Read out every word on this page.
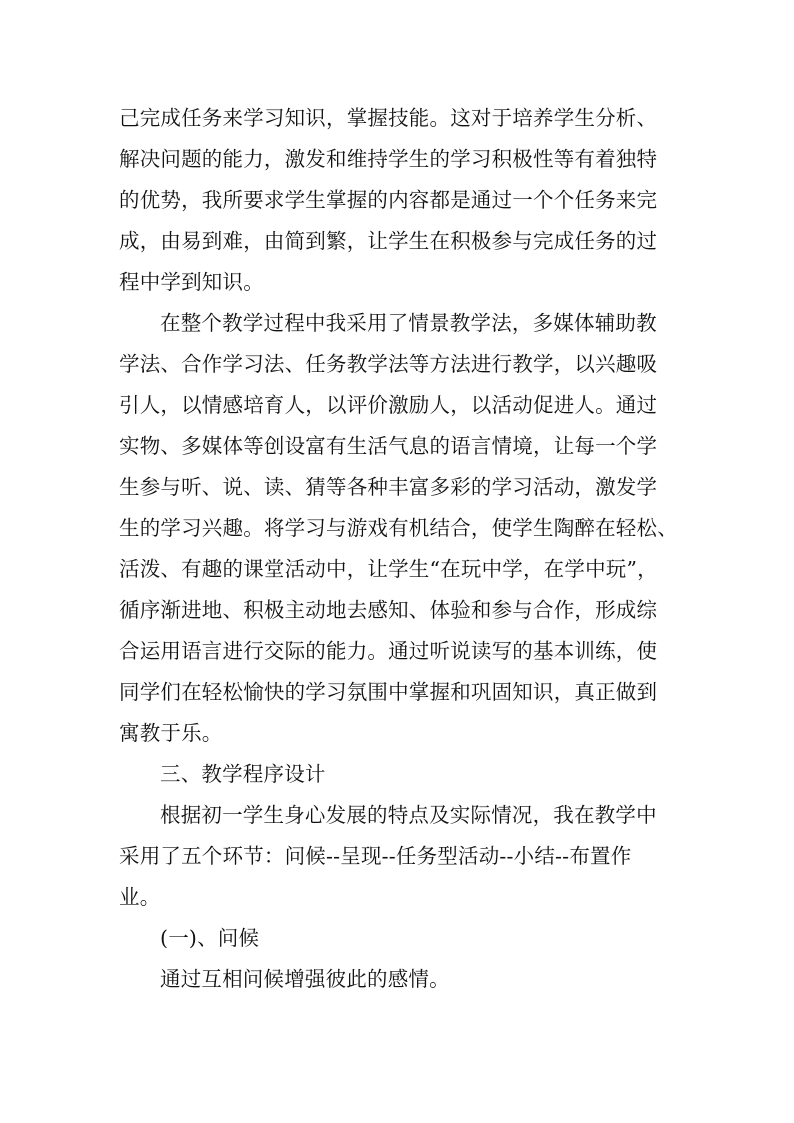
己完成任务来学习知识，掌握技能。这对于培养学生分析、
解决问题的能力，激发和维持学生的学习积极性等有着独特
的优势，我所要求学生掌握的内容都是通过一个个任务来完
成，由易到难，由简到繁，让学生在积极参与完成任务的过
程中学到知识。
在整个教学过程中我采用了情景教学法，多媒体辅助教
学法、合作学习法、任务教学法等方法进行教学，以兴趣吸
引人，以情感培育人，以评价激励人，以活动促进人。通过
实物、多媒体等创设富有生活气息的语言情境，让每一个学
生参与听、说、读、猜等各种丰富多彩的学习活动，激发学
生的学习兴趣。将学习与游戏有机结合，使学生陶醉在轻松、
活泼、有趣的课堂活动中，让学生“在玩中学，在学中玩”，
循序渐进地、积极主动地去感知、体验和参与合作，形成综
合运用语言进行交际的能力。通过听说读写的基本训练，使
同学们在轻松愉快的学习氛围中掌握和巩固知识，真正做到
寓教于乐。
三、教学程序设计
根据初一学生身心发展的特点及实际情况，我在教学中
采用了五个环节：问候--呈现--任务型活动--小结--布置作
业。
(一)、问候
通过互相问候增强彼此的感情。
